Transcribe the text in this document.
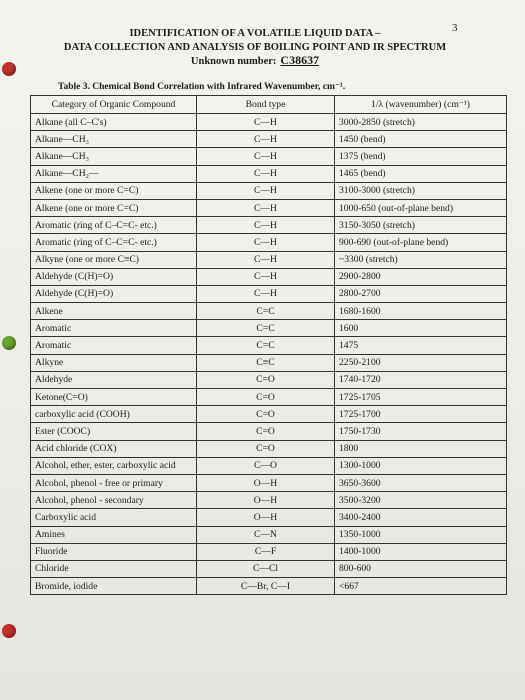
3
IDENTIFICATION OF A VOLATILE LIQUID DATA –
DATA COLLECTION AND ANALYSIS OF BOILING POINT AND IR SPECTRUM
Unknown number: C38637
Table 3. Chemical Bond Correlation with Infrared Wavenumber, cm⁻¹.
Category of Organic Compound	Bond type	1/λ (wavenumber) (cm⁻¹)
Alkane (all C–C's)	C—H	3000-2850 (stretch)
Alkane—CH₃	C—H	1450 (bend)
Alkane—CH₃	C—H	1375 (bend)
Alkane—CH₂—	C—H	1465 (bend)
Alkene (one or more C=C)	C—H	3100-3000 (stretch)
Alkene (one or more C=C)	C—H	1000-650 (out-of-plane bend)
Aromatic (ring of C–C=C- etc.)	C—H	3150-3050 (stretch)
Aromatic (ring of C–C=C- etc.)	C—H	900-690 (out-of-plane bend)
Alkyne (one or more C≡C)	C—H	~3300 (stretch)
Aldehyde (C(H)=O)	C—H	2900-2800
Aldehyde (C(H)=O)	C—H	2800-2700
Alkene	C=C	1680-1600
Aromatic	C=C	1600
Aromatic	C=C	1475
Alkyne	C≡C	2250-2100
Aldehyde	C=O	1740-1720
Ketone(C=O)	C=O	1725-1705
carboxylic acid (COOH)	C=O	1725-1700
Ester (COOC)	C=O	1750-1730
Acid chloride (COX)	C=O	1800
Alcohol, ether, ester, carboxylic acid	C—O	1300-1000
Alcohol, phenol - free or primary	O—H	3650-3600
Alcohol, phenol - secondary	O—H	3500-3200
Carboxylic acid	O—H	3400-2400
Amines	C—N	1350-1000
Fluoride	C—F	1400-1000
Chloride	C—Cl	800-600
Bromide, iodide	C—Br, C—I	<667
